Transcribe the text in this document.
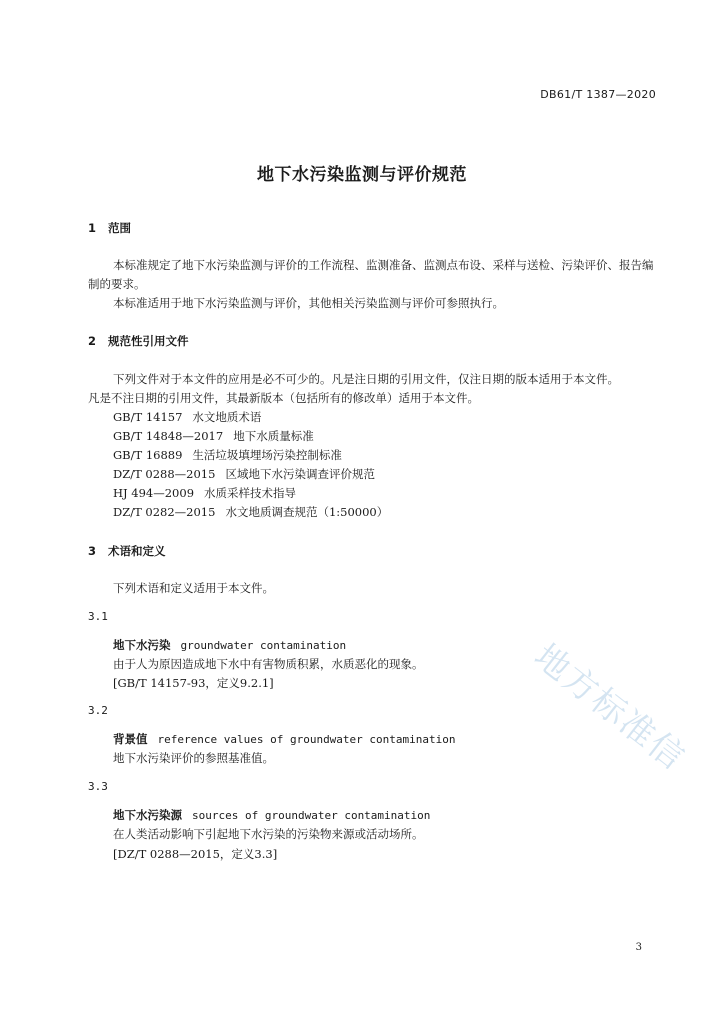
DB61/T 1387—2020
地下水污染监测与评价规范
1 范围
本标准规定了地下水污染监测与评价的工作流程、监测准备、监测点布设、采样与送检、污染评价、报告编制的要求。
本标准适用于地下水污染监测与评价，其他相关污染监测与评价可参照执行。
2 规范性引用文件
下列文件对于本文件的应用是必不可少的。凡是注日期的引用文件，仅注日期的版本适用于本文件。
凡是不注日期的引用文件，其最新版本（包括所有的修改单）适用于本文件。
GB/T 14157 水文地质术语
GB/T 14848—2017 地下水质量标准
GB/T 16889 生活垃圾填埋场污染控制标准
DZ/T 0288—2015 区域地下水污染调查评价规范
HJ 494—2009 水质采样技术指导
DZ/T 0282—2015 水文地质调查规范（1:50000）
3 术语和定义
下列术语和定义适用于本文件。
3.1
地下水污染 groundwater contamination
由于人为原因造成地下水中有害物质积累，水质恶化的现象。
[GB/T 14157-93，定义9.2.1]
3.2
背景值 reference values of groundwater contamination
地下水污染评价的参照基准值。
3.3
地下水污染源 sources of groundwater contamination
在人类活动影响下引起地下水污染的污染物来源或活动场所。
[DZ/T 0288—2015，定义3.3]
地方标准信
3
